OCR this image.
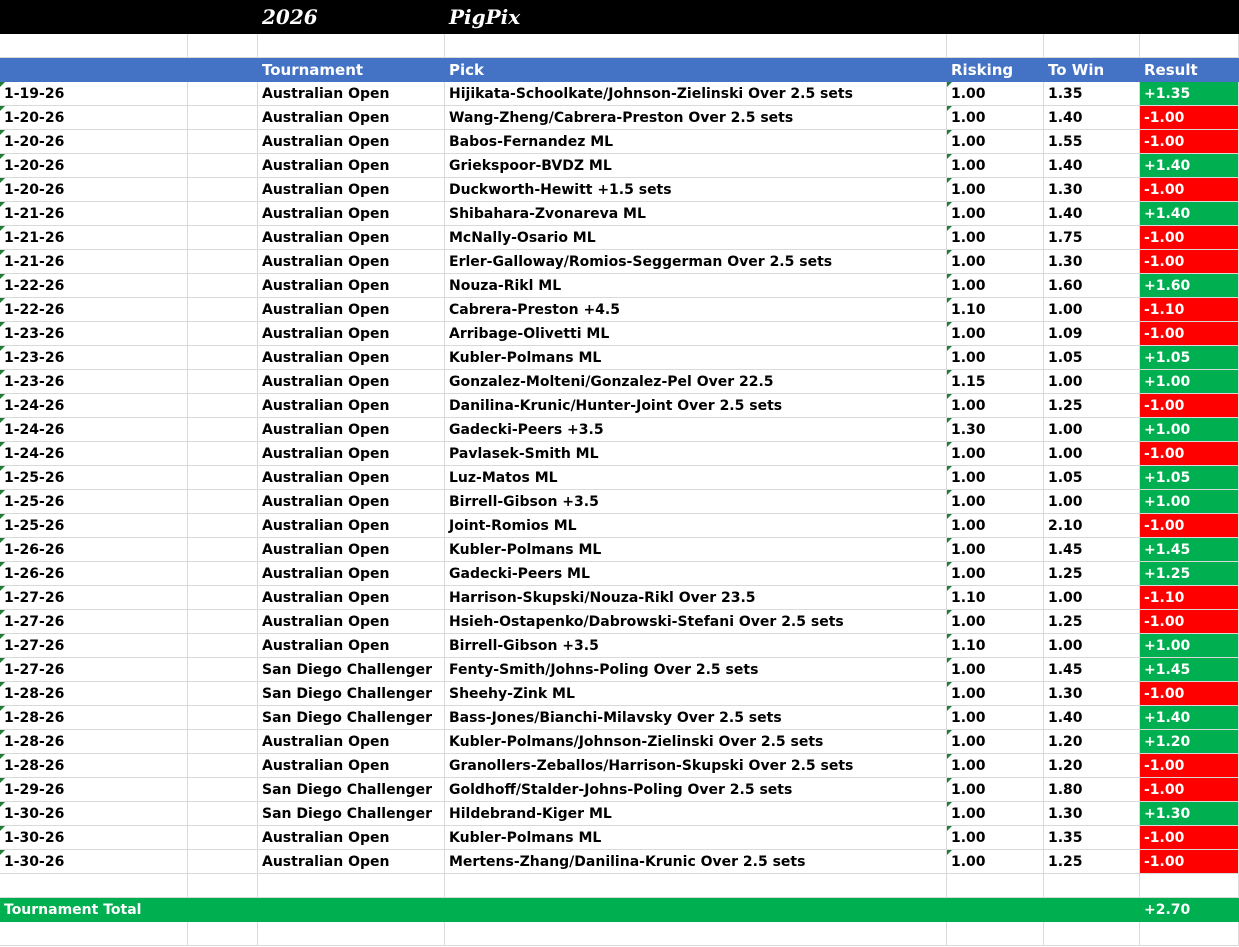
2026	PigPix
Tournament	Pick	Risking	To Win	Result
1-19-26	Australian Open	Hijikata-Schoolkate/Johnson-Zielinski Over 2.5 sets	1.00	1.35	+1.35
1-20-26	Australian Open	Wang-Zheng/Cabrera-Preston Over 2.5 sets	1.00	1.40	-1.00
1-20-26	Australian Open	Babos-Fernandez ML	1.00	1.55	-1.00
1-20-26	Australian Open	Griekspoor-BVDZ ML	1.00	1.40	+1.40
1-20-26	Australian Open	Duckworth-Hewitt +1.5 sets	1.00	1.30	-1.00
1-21-26	Australian Open	Shibahara-Zvonareva ML	1.00	1.40	+1.40
1-21-26	Australian Open	McNally-Osario ML	1.00	1.75	-1.00
1-21-26	Australian Open	Erler-Galloway/Romios-Seggerman Over 2.5 sets	1.00	1.30	-1.00
1-22-26	Australian Open	Nouza-Rikl ML	1.00	1.60	+1.60
1-22-26	Australian Open	Cabrera-Preston +4.5	1.10	1.00	-1.10
1-23-26	Australian Open	Arribage-Olivetti ML	1.00	1.09	-1.00
1-23-26	Australian Open	Kubler-Polmans ML	1.00	1.05	+1.05
1-23-26	Australian Open	Gonzalez-Molteni/Gonzalez-Pel Over 22.5	1.15	1.00	+1.00
1-24-26	Australian Open	Danilina-Krunic/Hunter-Joint Over 2.5 sets	1.00	1.25	-1.00
1-24-26	Australian Open	Gadecki-Peers +3.5	1.30	1.00	+1.00
1-24-26	Australian Open	Pavlasek-Smith ML	1.00	1.00	-1.00
1-25-26	Australian Open	Luz-Matos ML	1.00	1.05	+1.05
1-25-26	Australian Open	Birrell-Gibson +3.5	1.00	1.00	+1.00
1-25-26	Australian Open	Joint-Romios ML	1.00	2.10	-1.00
1-26-26	Australian Open	Kubler-Polmans ML	1.00	1.45	+1.45
1-26-26	Australian Open	Gadecki-Peers ML	1.00	1.25	+1.25
1-27-26	Australian Open	Harrison-Skupski/Nouza-Rikl Over 23.5	1.10	1.00	-1.10
1-27-26	Australian Open	Hsieh-Ostapenko/Dabrowski-Stefani Over 2.5 sets	1.00	1.25	-1.00
1-27-26	Australian Open	Birrell-Gibson +3.5	1.10	1.00	+1.00
1-27-26	San Diego Challenger	Fenty-Smith/Johns-Poling Over 2.5 sets	1.00	1.45	+1.45
1-28-26	San Diego Challenger	Sheehy-Zink ML	1.00	1.30	-1.00
1-28-26	San Diego Challenger	Bass-Jones/Bianchi-Milavsky Over 2.5 sets	1.00	1.40	+1.40
1-28-26	Australian Open	Kubler-Polmans/Johnson-Zielinski Over 2.5 sets	1.00	1.20	+1.20
1-28-26	Australian Open	Granollers-Zeballos/Harrison-Skupski Over 2.5 sets	1.00	1.20	-1.00
1-29-26	San Diego Challenger	Goldhoff/Stalder-Johns-Poling Over 2.5 sets	1.00	1.80	-1.00
1-30-26	San Diego Challenger	Hildebrand-Kiger ML	1.00	1.30	+1.30
1-30-26	Australian Open	Kubler-Polmans ML	1.00	1.35	-1.00
1-30-26	Australian Open	Mertens-Zhang/Danilina-Krunic Over 2.5 sets	1.00	1.25	-1.00
Tournament Total	+2.70
